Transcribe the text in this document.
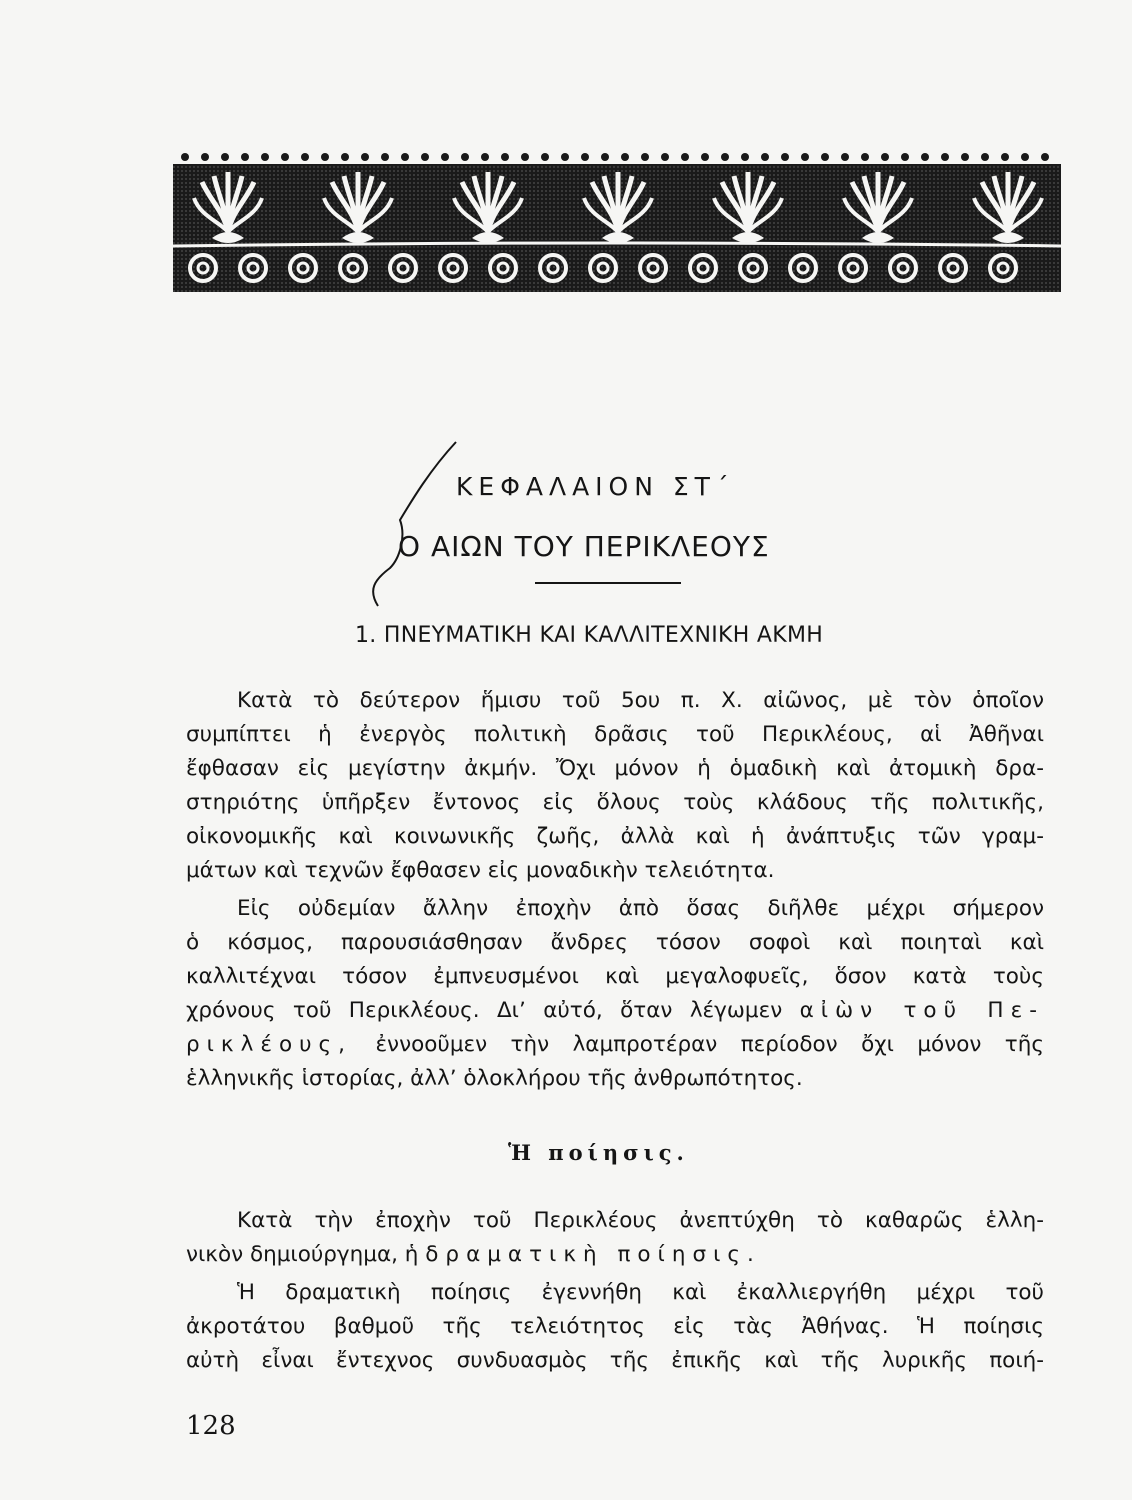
ΚΕΦΑΛΑΙΟΝ ΣΤ΄
Ο ΑΙΩΝ ΤΟΥ ΠΕΡΙΚΛΕΟΥΣ
1. ΠΝΕΥΜΑΤΙΚΗ ΚΑΙ ΚΑΛΛΙΤΕΧΝΙΚΗ ΑΚΜΗ
Κατὰ τὸ δεύτερον ἥμισυ τοῦ 5ου π. Χ. αἰῶνος, μὲ τὸν ὁποῖον
συμπίπτει ἡ ἐνεργὸς πολιτικὴ δρᾶσις τοῦ Περικλέους, αἱ Ἀθῆναι
ἔφθασαν εἰς μεγίστην ἀκμήν. Ὄχι μόνον ἡ ὁμαδικὴ καὶ ἀτομικὴ δρα-
στηριότης ὑπῆρξεν ἔντονος εἰς ὅλους τοὺς κλάδους τῆς πολιτικῆς,
οἰκονομικῆς καὶ κοινωνικῆς ζωῆς, ἀλλὰ καὶ ἡ ἀνάπτυξις τῶν γραμ-
μάτων καὶ τεχνῶν ἔφθασεν εἰς μοναδικὴν τελειότητα.
Εἰς οὐδεμίαν ἄλλην ἐποχὴν ἀπὸ ὅσας διῆλθε μέχρι σήμερον
ὁ κόσμος, παρουσιάσθησαν ἄνδρες τόσον σοφοὶ καὶ ποιηταὶ καὶ
καλλιτέχναι τόσον ἐμπνευσμένοι καὶ μεγαλοφυεῖς, ὅσον κατὰ τοὺς
χρόνους τοῦ Περικλέους. Διʼ αὐτό, ὅταν λέγωμεν αἰὼν τοῦ Πε-
ρικλέους, ἐννοοῦμεν τὴν λαμπροτέραν περίοδον ὄχι μόνον τῆς
ἑλληνικῆς ἱστορίας, ἀλλʼ ὁλοκλήρου τῆς ἀνθρωπότητος.
Ἡ ποίησις.
Κατὰ τὴν ἐποχὴν τοῦ Περικλέους ἀνεπτύχθη τὸ καθαρῶς ἑλλη-
νικὸν δημιούργημα, ἡ δραματικὴ ποίησις.
Ἡ δραματικὴ ποίησις ἐγεννήθη καὶ ἐκαλλιεργήθη μέχρι τοῦ
ἀκροτάτου βαθμοῦ τῆς τελειότητος εἰς τὰς Ἀθήνας. Ἡ ποίησις
αὐτὴ εἶναι ἔντεχνος συνδυασμὸς τῆς ἐπικῆς καὶ τῆς λυρικῆς ποιή-
128
